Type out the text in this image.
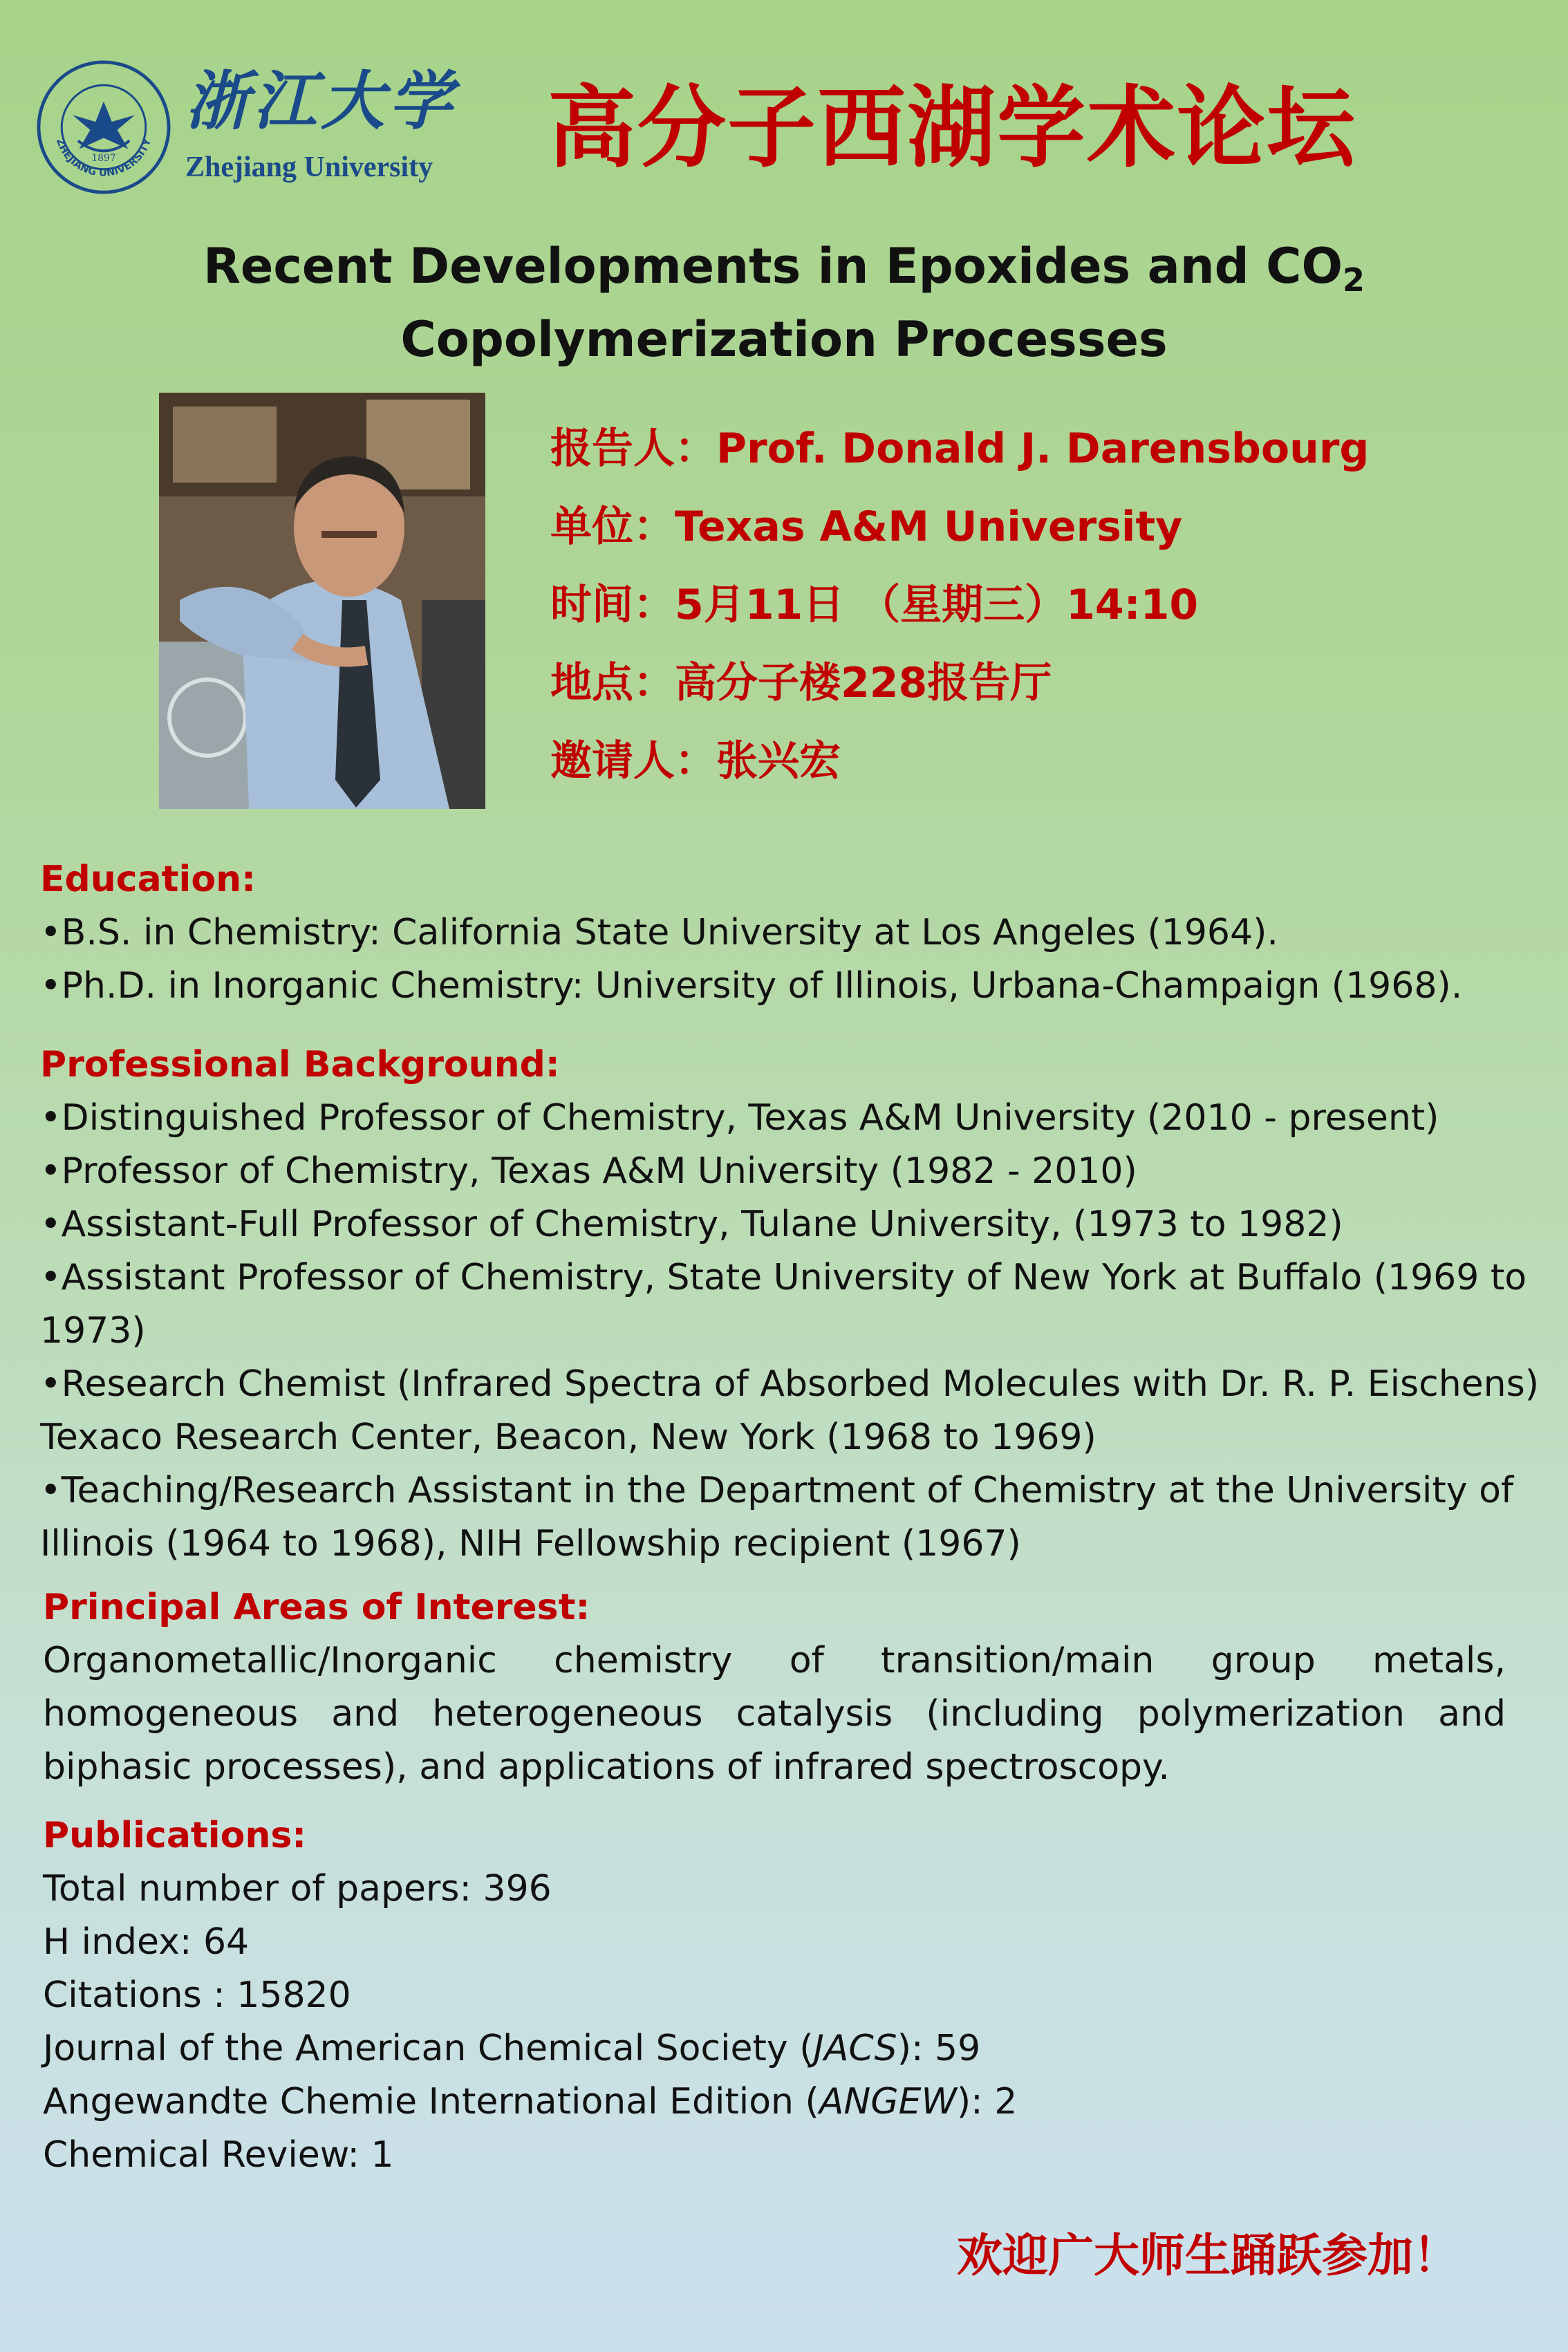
1897
ZHEJIANG UNIVERSITY
浙江大学
Zhejiang University 高分子西湖学术论坛
Recent Developments in Epoxides and $CO_2$
Copolymerization Processes
报告人：Prof. Donald J. Darensbourg
单位：Texas A&M University
时间：5月11日 （星期三）14:10
地点：高分子楼228报告厅
邀请人：张兴宏
Education:
•B.S. in Chemistry: California State University at Los Angeles (1964).
•Ph.D. in Inorganic Chemistry: University of Illinois, Urbana-Champaign (1968).
Professional Background:
•Distinguished Professor of Chemistry, Texas A&M University (2010 - present)
•Professor of Chemistry, Texas A&M University (1982 - 2010)
•Assistant-Full Professor of Chemistry, Tulane University, (1973 to 1982)
•Assistant Professor of Chemistry, State University of New York at Buffalo (1969 to
1973)
•Research Chemist (Infrared Spectra of Absorbed Molecules with Dr. R. P. Eischens)
Texaco Research Center, Beacon, New York (1968 to 1969)
•Teaching/Research Assistant in the Department of Chemistry at the University of
Illinois (1964 to 1968), NIH Fellowship recipient (1967)
Principal Areas of Interest:
Organometallic/Inorganic chemistry of transition/main group metals, homogeneous and heterogeneous catalysis (including polymerization and biphasic processes), and applications of infrared spectroscopy.
Publications:
Total number of papers: 396
H index: 64
Citations : 15820
Journal of the American Chemical Society (JACS): 59
Angewandte Chemie International Edition (ANGEW): 2
Chemical Review: 1
欢迎广大师生踊跃参加！
